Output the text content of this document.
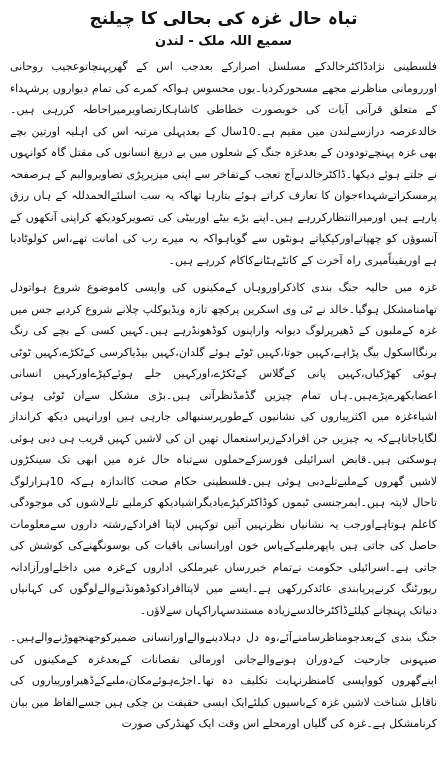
تباہ حال غزہ کی بحالی کا چیلنج
سمیع اللہ ملک - لندن

فلسطینی نژادڈاکٹرخالدکے مسلسل اصرارکے بعدجب اس کے گھرپہنچاتوعجیب روحانی اوررومانی مناظرنے مجھے مسحورکردیا۔یوں محسوس ہواکہ کمرے کی تمام دیواروں پرشہداء کے متعلق قرآنی آیات کی خوبصورت خطاطی کاشاہکارتصاویرمیراحاطہ کررہی ہیں۔خالدعرصہ درازسےلندن میں مقیم ہے۔10سال کے بعدپہلی مرتبہ اس کی اہلیہ اورتین بچے بھی غزہ پہنچےتودودن کے بعدغزہ جنگ کے شعلوں میں بے دریغ انسانوں کی مقتل گاہ کوانہوں نے جلتے ہوئے دیکھا۔ڈاکٹرخالدنےآج تعجب کےتفاخر سے اپنی میزپرپڑی تصاویروالبم کے ہرصفحہ پرمسکراتےشہداءجوان کا تعارف کراتے ہوئے بتارہا تھاکہ یہ سب اسلئےالحمدللہ کے ہاں رزق پارہے ہیں اورمیراانتظارکررہے ہیں۔اپنے بڑے بیٹے اوربیٹی کی تصویرکودیکھ کراپنی آنکھوں کے آنسوؤں کو چھپاتےاورکپکپاتے ہونٹوں سے گویاہواکہ یہ میرے رب کی امانت تھے،اس کولوٹادیا ہے اوریقیناًمیری راہ آخرت کے کانٹےہٹانےکاکام کررہے ہیں۔

غزہ میں حالیہ جنگ بندی کاذکراوروہاں کےمکینوں کی واپسی کاموضوع شروع ہواتودل تھامنامشکل ہوگیا۔خالد نے ٹی وی اسکرین پرکچھ تازہ ویڈیوکلپ چلانے شروع کردیے جس میں غزہ کےملبوں کے ڈھیرپرلوگ دیوانہ واراپنوں کوڈھونڈرہے ہیں۔کہیں کسی کے بچے کی رنگ برنگااسکول بیگ پڑاہے،کہیں جوتا،کہیں ٹوٹے ہوئے گلدان،کہیں بیڈیاکرسی کےٹکڑے،کہیں ٹوٹی ہوئی کھڑکیاں،کہیں پانی کےگلاس کےٹکڑے،اورکہیں جلے ہوئےکپڑےاورکہیں انسانی اعضابکھرےپڑےہیں۔ہاں تمام چیزیں گڈمڈنظرآتی ہیں۔بڑی مشکل سےان ٹوٹی ہوئی اشیاءغزہ میں اکثرپیاروں کی نشانیوں کےطورپرسنبھالی جارہی ہیں اورانہیں دیکھ کرانداز لگایاجاتاہےکہ یہ چیزیں جن افرادکےزیراستعمال تھیں ان کی لاشیں کہیں قریب ہی دبی ہوئی ہوسکتی ہیں۔قابض اسرائیلی فورسزکےحملوں سےتباہ حال غزہ میں ابھی تک سینکڑوں لاشیں گھروں کےملبےتلےدبی ہوئی ہیں۔فلسطینی حکام صحت کااندازہ ہےکہ 10ہزارلوگ تاحال لاپتہ ہیں۔ایمرجنسی ٹیموں کوڈاکٹرکپڑےیادیگراشیادیکھ کرملبے تلےلاشوں کی موجودگی کاعلم ہوتاہےاورجب یہ نشانیاں نظرنہیں آتیں توکہیں لاپتا افرادکےرشتہ داروں سےمعلومات حاصل کی جاتی ہیں یاپھرملبےکےپاس خون اورانسانی باقیات کی بوسونگھنےکی کوشش کی جاتی ہے۔اسرائیلی حکومت نےتمام خبررساں غیرملکی اداروں کےغزہ میں داخلےاورآزادانہ رپورٹنگ کرنےپرپابندی عائدکررکھی ہے۔ایسے میں لاپتاافرادکوڈھونڈنےوالےلوگوں کی کہانیاں دنیاتک پہنچانے کیلئےڈاکٹرخالدسےزیادہ مستندسہاراکہاں سےلاؤں۔

جنگ بندی کےبعدجومناظرسامنےآئے،وہ دل دہلادینےوالےاورانسانی ضمیرکوجھنجھوڑنےوالےہیں۔صیہونی جارحیت کےدوران ہونےوالےجانی اورمالی نقصانات کےبعدغزہ کےمکینوں کی اپنےگھروں کوواپسی کامنظرنہایت تکلیف دہ تھا۔اجڑےہوئےمکان،ملبےکےڈھیراورپیاروں کی ناقابل شناخت لاشیں غزہ کےباسیوں کیلئےایک ایسی حقیقت بن چکی ہیں جسےالفاظ میں بیان کرنامشکل ہے۔غزہ کی گلیاں اورمحلے اس وقت ایک کھنڈرکی صورت
